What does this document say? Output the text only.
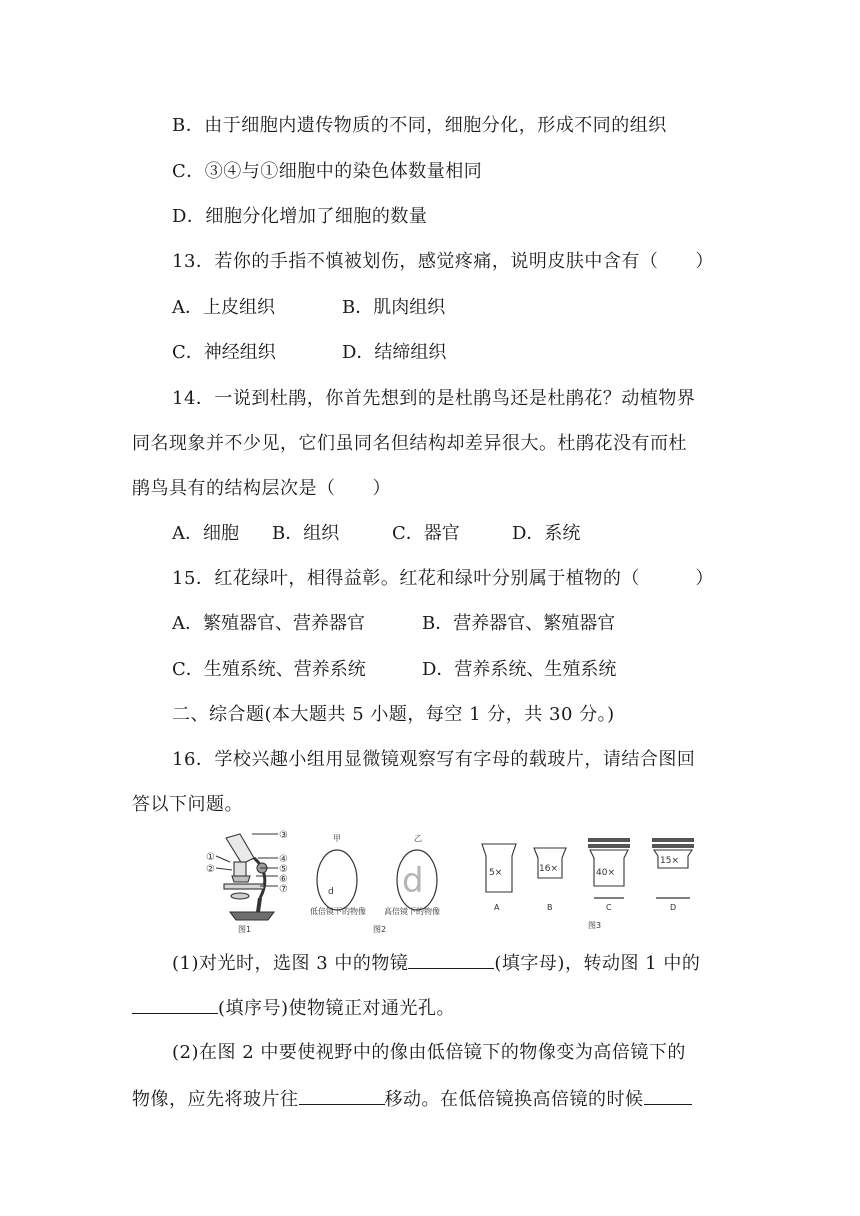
B．由于细胞内遗传物质的不同，细胞分化，形成不同的组织
C．③④与①细胞中的染色体数量相同
D．细胞分化增加了细胞的数量
13．若你的手指不慎被划伤，感觉疼痛，说明皮肤中含有（　　）
A．上皮组织	B．肌肉组织
C．神经组织	D．结缔组织
14．一说到杜鹃，你首先想到的是杜鹃鸟还是杜鹃花？动植物界
同名现象并不少见，它们虽同名但结构却差异很大。杜鹃花没有而杜
鹃鸟具有的结构层次是（　　）
A．细胞 B．组织	C．器官	D．系统
15．红花绿叶，相得益彰。红花和绿叶分别属于植物的（　　　）
A．繁殖器官、营养器官	B．营养器官、繁殖器官
C．生殖系统、营养系统	D．营养系统、生殖系统
二、综合题(本大题共 5 小题，每空 1 分，共 30 分。)
16．学校兴趣小组用显微镜观察写有字母的载玻片，请结合图回
答以下问题。
①
②
③
④
⑤
⑥
⑦
图1
甲	乙
d d
低倍镜下的物像 高倍镜下的物像
图2
5×
A
16×
B
40×
C
15×
D
图3
(1)对光时，选图 3 中的物镜	(填字母)，转动图 1 中的
(填序号)使物镜正对通光孔。
(2)在图 2 中要使视野中的像由低倍镜下的物像变为高倍镜下的
物像，应先将玻片往	移动。在低倍镜换高倍镜的时候
